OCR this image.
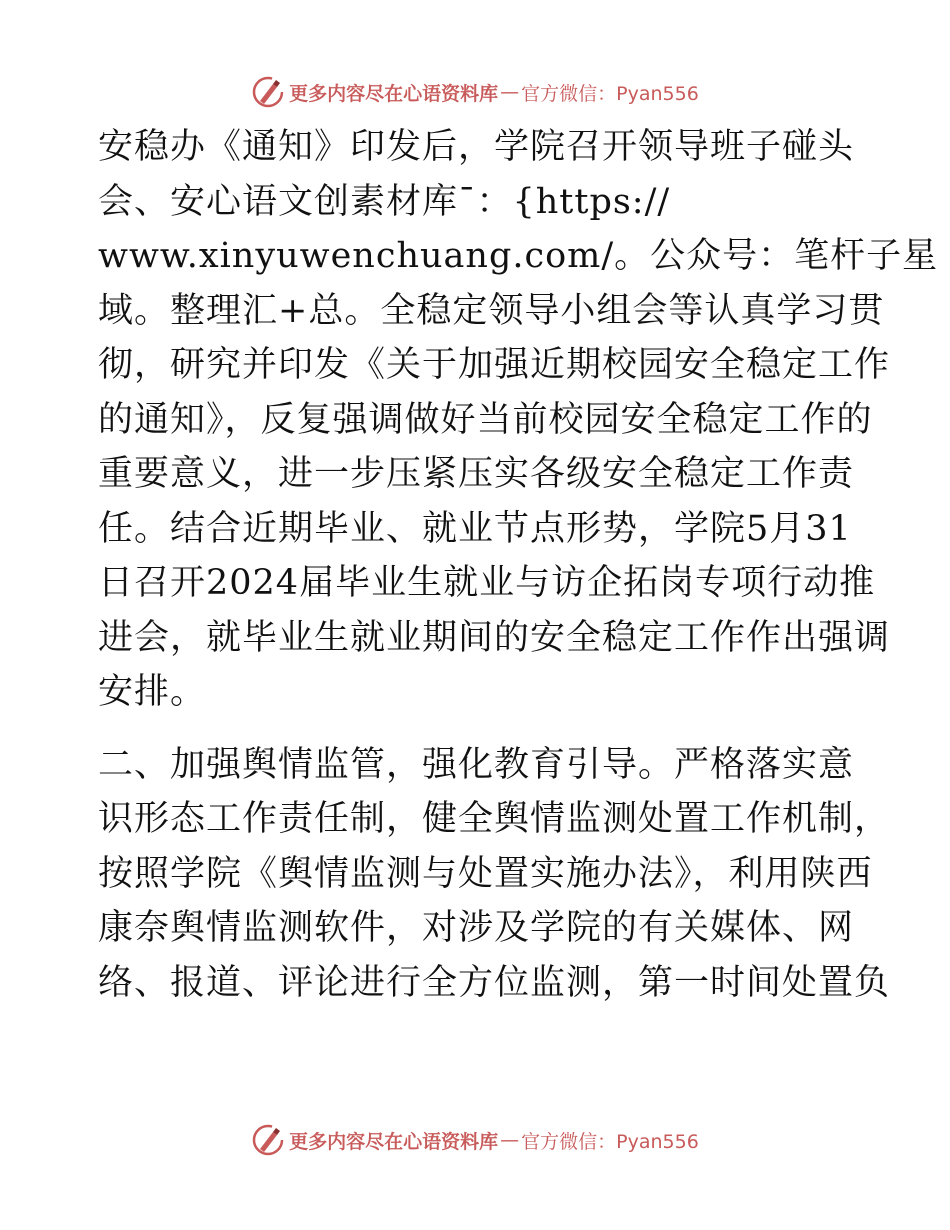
更多内容尽在心语资料库 — 官方微信：Pyan556
安稳办《通知》印发后，学院召开领导班子碰头
会、安心语文创素材库¯：{https://
www.xinyuwenchuang.com/。公众号：笔杆子星
域。整理汇+总。全稳定领导小组会等认真学习贯
彻，研究并印发《关于加强近期校园安全稳定工作
的通知》，反复强调做好当前校园安全稳定工作的
重要意义，进一步压紧压实各级安全稳定工作责
任。结合近期毕业、就业节点形势，学院5月31
日召开2024届毕业生就业与访企拓岗专项行动推
进会，就毕业生就业期间的安全稳定工作作出强调
安排。
二、加强舆情监管，强化教育引导。严格落实意
识形态工作责任制，健全舆情监测处置工作机制，
按照学院《舆情监测与处置实施办法》，利用陕西
康奈舆情监测软件，对涉及学院的有关媒体、网
络、报道、评论进行全方位监测，第一时间处置负
更多内容尽在心语资料库 — 官方微信：Pyan556
